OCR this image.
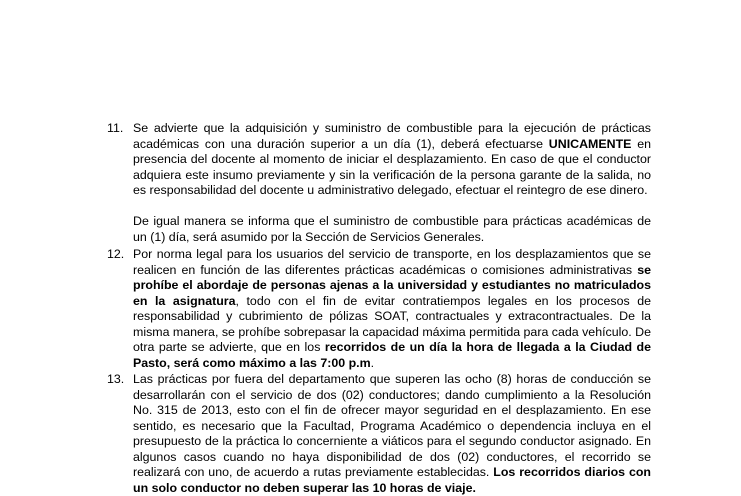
11. Se advierte que la adquisición y suministro de combustible para la ejecución de prácticas académicas con una duración superior a un día (1), deberá efectuarse UNICAMENTE en presencia del docente al momento de iniciar el desplazamiento. En caso de que el conductor adquiera este insumo previamente y sin la verificación de la persona garante de la salida, no es responsabilidad del docente u administrativo delegado, efectuar el reintegro de ese dinero.

De igual manera se informa que el suministro de combustible para prácticas académicas de un (1) día, será asumido por la Sección de Servicios Generales.

12. Por norma legal para los usuarios del servicio de transporte, en los desplazamientos que se realicen en función de las diferentes prácticas académicas o comisiones administrativas se prohíbe el abordaje de personas ajenas a la universidad y estudiantes no matriculados en la asignatura, todo con el fin de evitar contratiempos legales en los procesos de responsabilidad y cubrimiento de pólizas SOAT, contractuales y extracontractuales. De la misma manera, se prohíbe sobrepasar la capacidad máxima permitida para cada vehículo. De otra parte se advierte, que en los recorridos de un día la hora de llegada a la Ciudad de Pasto, será como máximo a las 7:00 p.m.

13. Las prácticas por fuera del departamento que superen las ocho (8) horas de conducción se desarrollarán con el servicio de dos (02) conductores; dando cumplimiento a la Resolución No. 315 de 2013, esto con el fin de ofrecer mayor seguridad en el desplazamiento. En ese sentido, es necesario que la Facultad, Programa Académico o dependencia incluya en el presupuesto de la práctica lo concerniente a viáticos para el segundo conductor asignado. En algunos casos cuando no haya disponibilidad de dos (02) conductores, el recorrido se realizará con uno, de acuerdo a rutas previamente establecidas. Los recorridos diarios con un solo conductor no deben superar las 10 horas de viaje.
